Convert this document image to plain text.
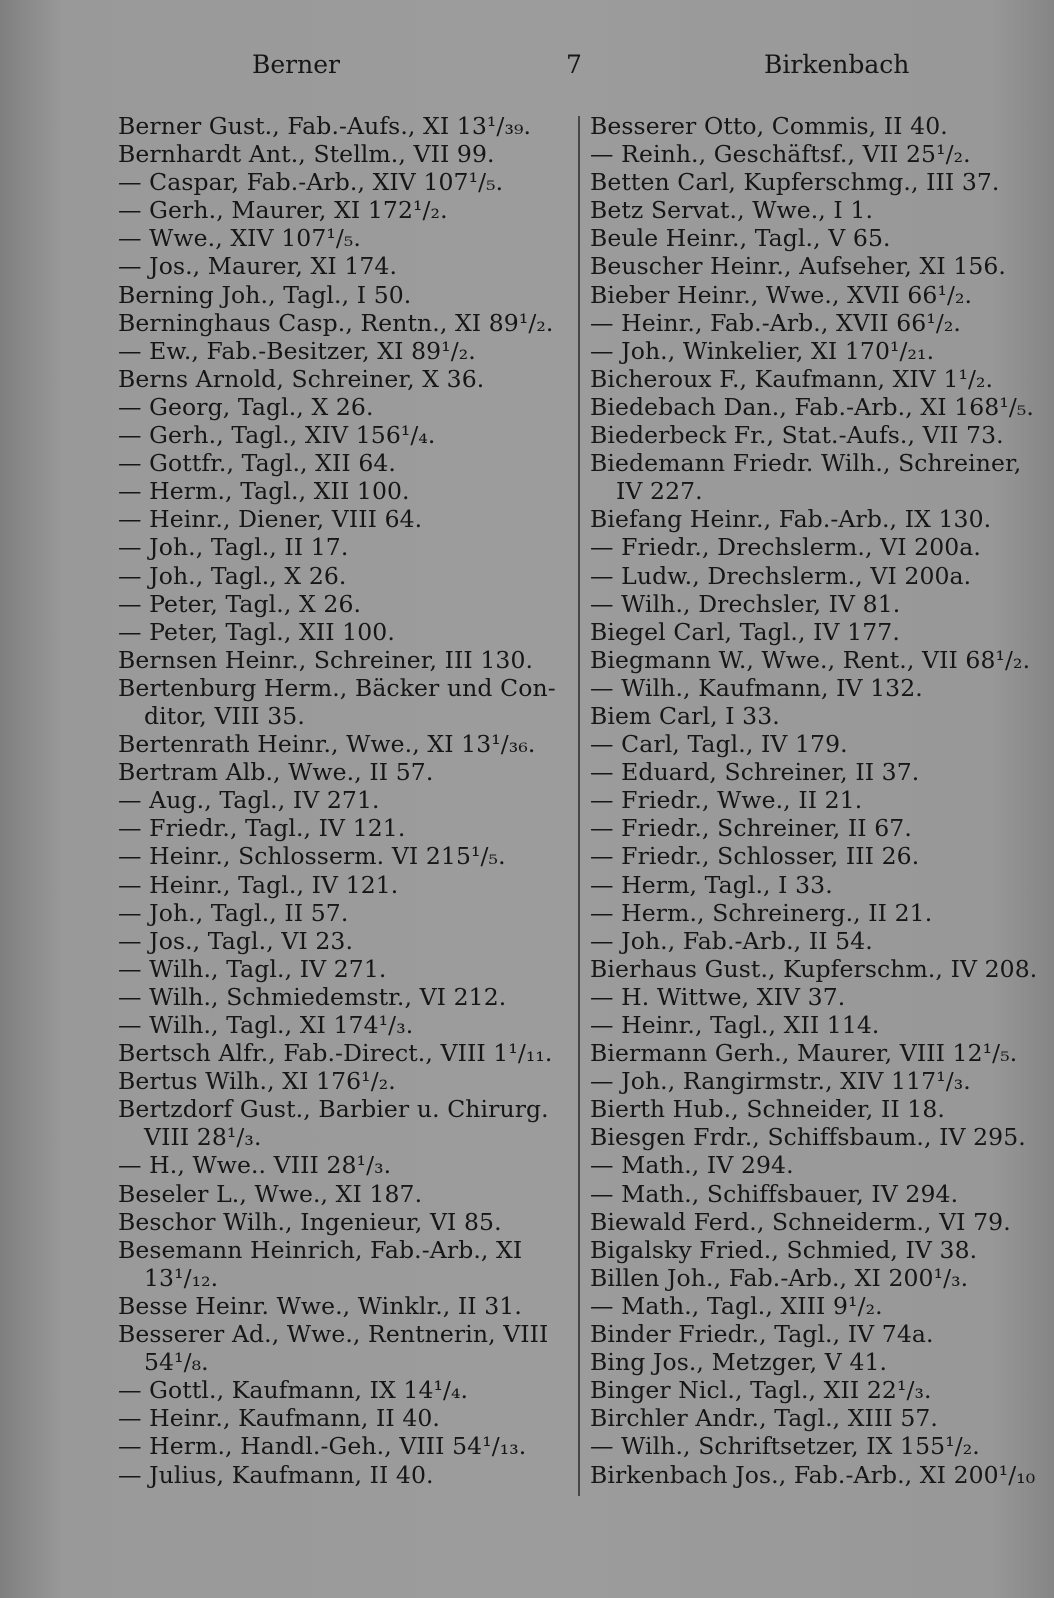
Berner	7	Birkenbach
Berner Gust., Fab.-Aufs., XI 13¹/₃₉.
Bernhardt Ant., Stellm., VII 99.
— Caspar, Fab.-Arb., XIV 107¹/₅.
— Gerh., Maurer, XI 172¹/₂.
— Wwe., XIV 107¹/₅.
— Jos., Maurer, XI 174.
Berning Joh., Tagl., I 50.
Berninghaus Casp., Rentn., XI 89¹/₂.
— Ew., Fab.-Besitzer, XI 89¹/₂.
Berns Arnold, Schreiner, X 36.
— Georg, Tagl., X 26.
— Gerh., Tagl., XIV 156¹/₄.
— Gottfr., Tagl., XII 64.
— Herm., Tagl., XII 100.
— Heinr., Diener, VIII 64.
— Joh., Tagl., II 17.
— Joh., Tagl., X 26.
— Peter, Tagl., X 26.
— Peter, Tagl., XII 100.
Bernsen Heinr., Schreiner, III 130.
Bertenburg Herm., Bäcker und Con-
ditor, VIII 35.
Bertenrath Heinr., Wwe., XI 13¹/₃₆.
Bertram Alb., Wwe., II 57.
— Aug., Tagl., IV 271.
— Friedr., Tagl., IV 121.
— Heinr., Schlosserm. VI 215¹/₅.
— Heinr., Tagl., IV 121.
— Joh., Tagl., II 57.
— Jos., Tagl., VI 23.
— Wilh., Tagl., IV 271.
— Wilh., Schmiedemstr., VI 212.
— Wilh., Tagl., XI 174¹/₃.
Bertsch Alfr., Fab.-Direct., VIII 1¹/₁₁.
Bertus Wilh., XI 176¹/₂.
Bertzdorf Gust., Barbier u. Chirurg.
VIII 28¹/₃.
— H., Wwe.. VIII 28¹/₃.
Beseler L., Wwe., XI 187.
Beschor Wilh., Ingenieur, VI 85.
Besemann Heinrich, Fab.-Arb., XI
13¹/₁₂.
Besse Heinr. Wwe., Winklr., II 31.
Besserer Ad., Wwe., Rentnerin, VIII
54¹/₈.
— Gottl., Kaufmann, IX 14¹/₄.
— Heinr., Kaufmann, II 40.
— Herm., Handl.-Geh., VIII 54¹/₁₃.
— Julius, Kaufmann, II 40.
Besserer Otto, Commis, II 40.
— Reinh., Geschäftsf., VII 25¹/₂.
Betten Carl, Kupferschmg., III 37.
Betz Servat., Wwe., I 1.
Beule Heinr., Tagl., V 65.
Beuscher Heinr., Aufseher, XI 156.
Bieber Heinr., Wwe., XVII 66¹/₂.
— Heinr., Fab.-Arb., XVII 66¹/₂.
— Joh., Winkelier, XI 170¹/₂₁.
Bicheroux F., Kaufmann, XIV 1¹/₂.
Biedebach Dan., Fab.-Arb., XI 168¹/₅.
Biederbeck Fr., Stat.-Aufs., VII 73.
Biedemann Friedr. Wilh., Schreiner,
IV 227.
Biefang Heinr., Fab.-Arb., IX 130.
— Friedr., Drechslerm., VI 200a.
— Ludw., Drechslerm., VI 200a.
— Wilh., Drechsler, IV 81.
Biegel Carl, Tagl., IV 177.
Biegmann W., Wwe., Rent., VII 68¹/₂.
— Wilh., Kaufmann, IV 132.
Biem Carl, I 33.
— Carl, Tagl., IV 179.
— Eduard, Schreiner, II 37.
— Friedr., Wwe., II 21.
— Friedr., Schreiner, II 67.
— Friedr., Schlosser, III 26.
— Herm, Tagl., I 33.
— Herm., Schreinerg., II 21.
— Joh., Fab.-Arb., II 54.
Bierhaus Gust., Kupferschm., IV 208.
— H. Wittwe, XIV 37.
— Heinr., Tagl., XII 114.
Biermann Gerh., Maurer, VIII 12¹/₅.
— Joh., Rangirmstr., XIV 117¹/₃.
Bierth Hub., Schneider, II 18.
Biesgen Frdr., Schiffsbaum., IV 295.
— Math., IV 294.
— Math., Schiffsbauer, IV 294.
Biewald Ferd., Schneiderm., VI 79.
Bigalsky Fried., Schmied, IV 38.
Billen Joh., Fab.-Arb., XI 200¹/₃.
— Math., Tagl., XIII 9¹/₂.
Binder Friedr., Tagl., IV 74a.
Bing Jos., Metzger, V 41.
Binger Nicl., Tagl., XII 22¹/₃.
Birchler Andr., Tagl., XIII 57.
— Wilh., Schriftsetzer, IX 155¹/₂.
Birkenbach Jos., Fab.-Arb., XI 200¹/₁₀
